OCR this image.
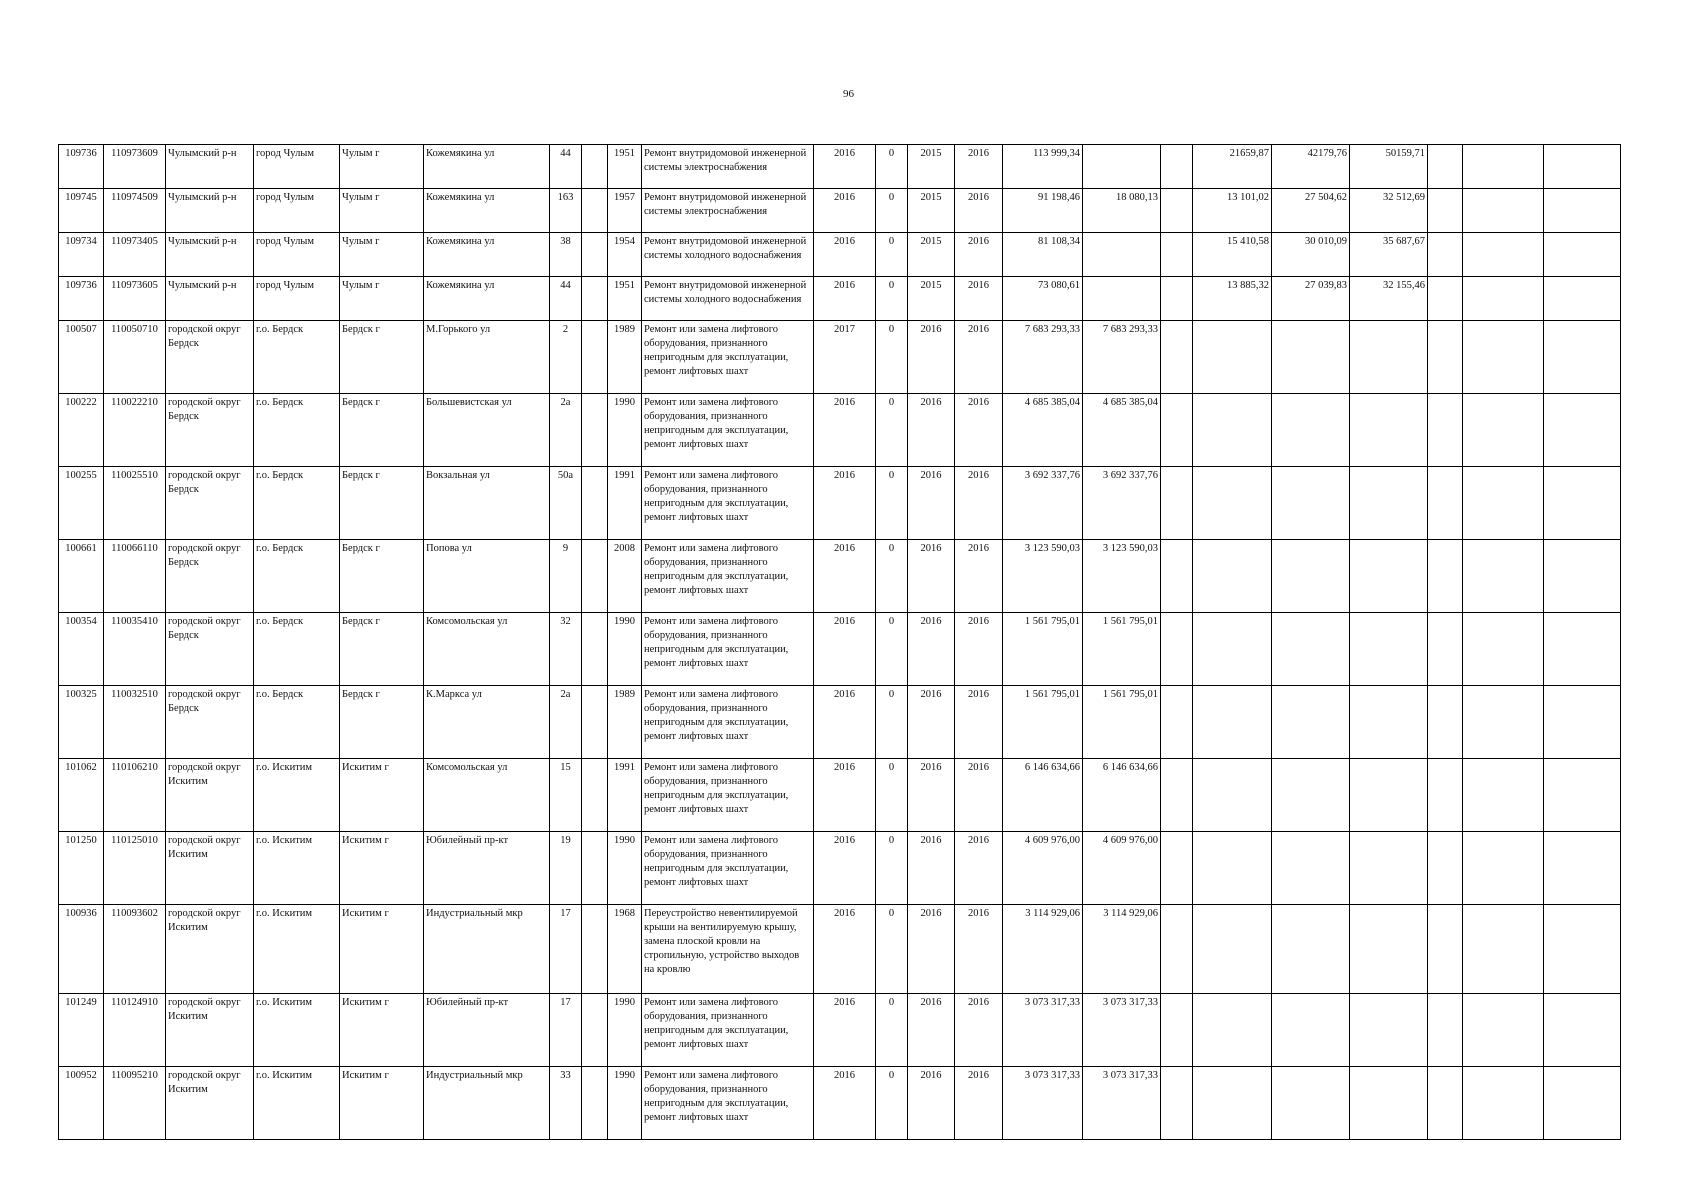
96
109736	110973609	Чулымский р-н	город Чулым	Чулым г	Кожемякина ул	44		1951	Ремонт внутридомовой инженерной системы электроснабжения	2016	0	2015	2016	113 999,34			21659,87	42179,76	50159,71			
109745	110974509	Чулымский р-н	город Чулым	Чулым г	Кожемякина ул	163		1957	Ремонт внутридомовой инженерной системы электроснабжения	2016	0	2015	2016	91 198,46	18 080,13		13 101,02	27 504,62	32 512,69			
109734	110973405	Чулымский р-н	город Чулым	Чулым г	Кожемякина ул	38		1954	Ремонт внутридомовой инженерной системы холодного водоснабжения	2016	0	2015	2016	81 108,34			15 410,58	30 010,09	35 687,67			
109736	110973605	Чулымский р-н	город Чулым	Чулым г	Кожемякина ул	44		1951	Ремонт внутридомовой инженерной системы холодного водоснабжения	2016	0	2015	2016	73 080,61			13 885,32	27 039,83	32 155,46			
100507	110050710	городской округ Бердск	г.о. Бердск	Бердск г	М.Горького ул	2		1989	Ремонт или замена лифтового оборудования, признанного непригодным для эксплуатации, ремонт лифтовых шахт	2017	0	2016	2016	7 683 293,33	7 683 293,33							
100222	110022210	городской округ Бердск	г.о. Бердск	Бердск г	Большевистская ул	2а		1990	Ремонт или замена лифтового оборудования, признанного непригодным для эксплуатации, ремонт лифтовых шахт	2016	0	2016	2016	4 685 385,04	4 685 385,04							
100255	110025510	городской округ Бердск	г.о. Бердск	Бердск г	Вокзальная ул	50а		1991	Ремонт или замена лифтового оборудования, признанного непригодным для эксплуатации, ремонт лифтовых шахт	2016	0	2016	2016	3 692 337,76	3 692 337,76							
100661	110066110	городской округ Бердск	г.о. Бердск	Бердск г	Попова ул	9		2008	Ремонт или замена лифтового оборудования, признанного непригодным для эксплуатации, ремонт лифтовых шахт	2016	0	2016	2016	3 123 590,03	3 123 590,03							
100354	110035410	городской округ Бердск	г.о. Бердск	Бердск г	Комсомольская ул	32		1990	Ремонт или замена лифтового оборудования, признанного непригодным для эксплуатации, ремонт лифтовых шахт	2016	0	2016	2016	1 561 795,01	1 561 795,01							
100325	110032510	городской округ Бердск	г.о. Бердск	Бердск г	К.Маркса ул	2а		1989	Ремонт или замена лифтового оборудования, признанного непригодным для эксплуатации, ремонт лифтовых шахт	2016	0	2016	2016	1 561 795,01	1 561 795,01							
101062	110106210	городской округ Искитим	г.о. Искитим	Искитим г	Комсомольская ул	15		1991	Ремонт или замена лифтового оборудования, признанного непригодным для эксплуатации, ремонт лифтовых шахт	2016	0	2016	2016	6 146 634,66	6 146 634,66							
101250	110125010	городской округ Искитим	г.о. Искитим	Искитим г	Юбилейный пр-кт	19		1990	Ремонт или замена лифтового оборудования, признанного непригодным для эксплуатации, ремонт лифтовых шахт	2016	0	2016	2016	4 609 976,00	4 609 976,00							
100936	110093602	городской округ Искитим	г.о. Искитим	Искитим г	Индустриальный мкр	17		1968	Переустройство невентилируемой крыши на вентилируемую крышу, замена плоской кровли на стропильную, устройство выходов на кровлю	2016	0	2016	2016	3 114 929,06	3 114 929,06							
101249	110124910	городской округ Искитим	г.о. Искитим	Искитим г	Юбилейный пр-кт	17		1990	Ремонт или замена лифтового оборудования, признанного непригодным для эксплуатации, ремонт лифтовых шахт	2016	0	2016	2016	3 073 317,33	3 073 317,33							
100952	110095210	городской округ Искитим	г.о. Искитим	Искитим г	Индустриальный мкр	33		1990	Ремонт или замена лифтового оборудования, признанного непригодным для эксплуатации, ремонт лифтовых шахт	2016	0	2016	2016	3 073 317,33	3 073 317,33							
